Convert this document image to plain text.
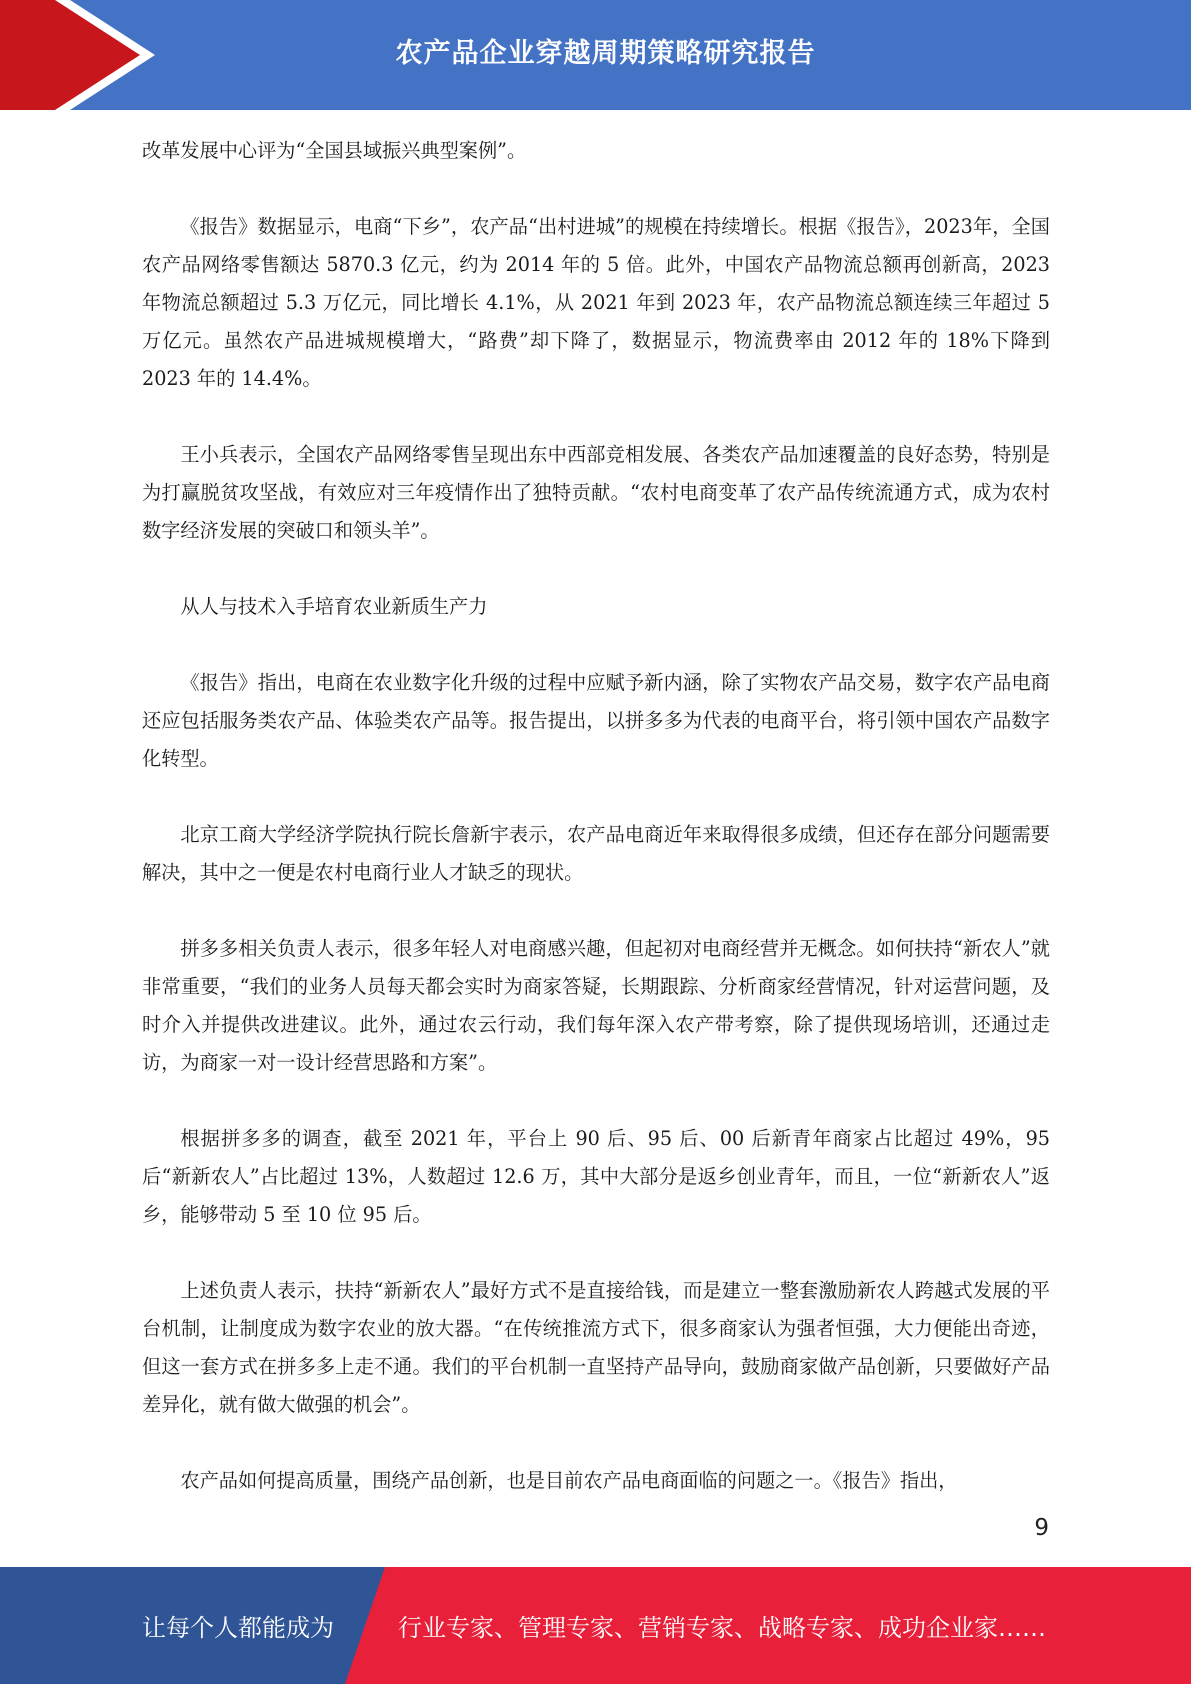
农产品企业穿越周期策略研究报告

改革发展中心评为“全国县域振兴典型案例”。

《报告》数据显示，电商“下乡”，农产品“出村进城”的规模在持续增长。根据《报告》，2023年，全国农产品网络零售额达 5870.3 亿元，约为 2014 年的 5 倍。此外，中国农产品物流总额再创新高，2023 年物流总额超过 5.3 万亿元，同比增长 4.1%，从 2021 年到 2023 年，农产品物流总额连续三年超过 5 万亿元。虽然农产品进城规模增大，“路费”却下降了，数据显示，物流费率由 2012 年的 18%下降到 2023 年的 14.4%。

王小兵表示，全国农产品网络零售呈现出东中西部竞相发展、各类农产品加速覆盖的良好态势，特别是为打赢脱贫攻坚战，有效应对三年疫情作出了独特贡献。“农村电商变革了农产品传统流通方式，成为农村数字经济发展的突破口和领头羊”。

从人与技术入手培育农业新质生产力

《报告》指出，电商在农业数字化升级的过程中应赋予新内涵，除了实物农产品交易，数字农产品电商还应包括服务类农产品、体验类农产品等。报告提出，以拼多多为代表的电商平台，将引领中国农产品数字化转型。

北京工商大学经济学院执行院长詹新宇表示，农产品电商近年来取得很多成绩，但还存在部分问题需要解决，其中之一便是农村电商行业人才缺乏的现状。

拼多多相关负责人表示，很多年轻人对电商感兴趣，但起初对电商经营并无概念。如何扶持“新农人”就非常重要，“我们的业务人员每天都会实时为商家答疑，长期跟踪、分析商家经营情况，针对运营问题，及时介入并提供改进建议。此外，通过农云行动，我们每年深入农产带考察，除了提供现场培训，还通过走访，为商家一对一设计经营思路和方案”。

根据拼多多的调查，截至 2021 年，平台上 90 后、95 后、00 后新青年商家占比超过 49%，95 后“新新农人”占比超过 13%，人数超过 12.6 万，其中大部分是返乡创业青年，而且，一位“新新农人”返乡，能够带动 5 至 10 位 95 后。

上述负责人表示，扶持“新新农人”最好方式不是直接给钱，而是建立一整套激励新农人跨越式发展的平台机制，让制度成为数字农业的放大器。“在传统推流方式下，很多商家认为强者恒强，大力便能出奇迹，但这一套方式在拼多多上走不通。我们的平台机制一直坚持产品导向，鼓励商家做产品创新，只要做好产品差异化，就有做大做强的机会”。

农产品如何提高质量，围绕产品创新，也是目前农产品电商面临的问题之一。《报告》指出，

9
让每个人都能成为	行业专家、管理专家、营销专家、战略专家、成功企业家……
